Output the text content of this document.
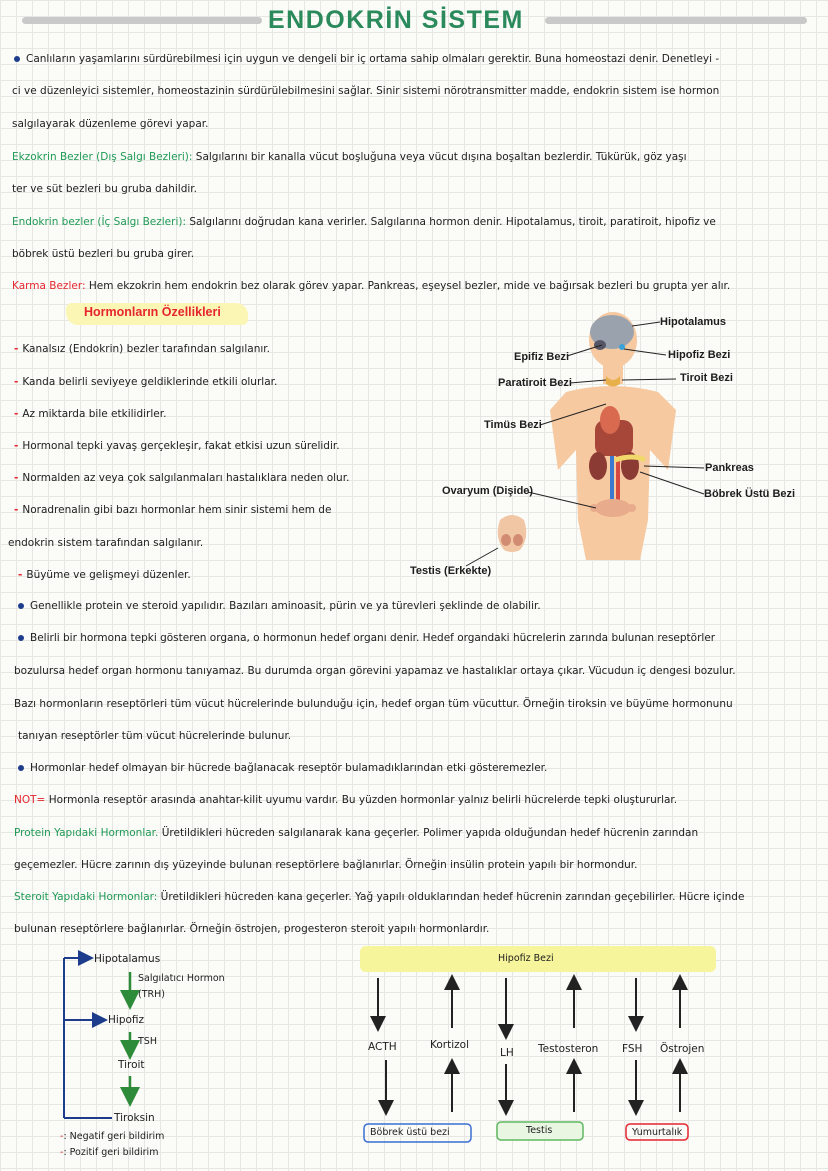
ENDOKRİN SİSTEM
Canlıların yaşamlarını sürdürebilmesi için uygun ve dengeli bir iç ortama sahip olmaları gerektir. Buna homeostazi denir. Denetleyi -
ci ve düzenleyici sistemler, homeostazinin sürdürülebilmesini sağlar. Sinir sistemi nörotransmitter madde, endokrin sistem ise hormon
salgılayarak düzenleme görevi yapar.
Ekzokrin Bezler (Dış Salgı Bezleri): Salgılarını bir kanalla vücut boşluğuna veya vücut dışına boşaltan bezlerdir. Tükürük, göz yaşı
ter ve süt bezleri bu gruba dahildir.
Endokrin bezler (İç Salgı Bezleri): Salgılarını doğrudan kana verirler. Salgılarına hormon denir. Hipotalamus, tiroit, paratiroit, hipofiz ve
böbrek üstü bezleri bu gruba girer.
Karma Bezler: Hem ekzokrin hem endokrin bez olarak görev yapar. Pankreas, eşeysel bezler, mide ve bağırsak bezleri bu grupta yer alır.
Hormonların Özellikleri
- Kanalsız (Endokrin) bezler tarafından salgılanır.
- Kanda belirli seviyeye geldiklerinde etkili olurlar.
- Az miktarda bile etkilidirler.
- Hormonal tepki yavaş gerçekleşir, fakat etkisi uzun sürelidir.
- Normalden az veya çok salgılanmaları hastalıklara neden olur.
- Noradrenalin gibi bazı hormonlar hem sinir sistemi hem de
endokrin sistem tarafından salgılanır.
- Büyüme ve gelişmeyi düzenler.
Hipotalamus
Epifiz Bezi	Hipofiz Bezi
Paratiroit Bezi	Tiroit Bezi
Timüs Bezi
Pankreas
Ovaryum (Dişide)	Böbrek Üstü Bezi
Testis (Erkekte)
Genellikle protein ve steroid yapılıdır. Bazıları aminoasit, pürin ve ya türevleri şeklinde de olabilir.
Belirli bir hormona tepki gösteren organa, o hormonun hedef organı denir. Hedef organdaki hücrelerin zarında bulunan reseptörler
bozulursa hedef organ hormonu tanıyamaz. Bu durumda organ görevini yapamaz ve hastalıklar ortaya çıkar. Vücudun iç dengesi bozulur.
Bazı hormonların reseptörleri tüm vücut hücrelerinde bulunduğu için, hedef organ tüm vücuttur. Örneğin tiroksin ve büyüme hormonunu
tanıyan reseptörler tüm vücut hücrelerinde bulunur.
Hormonlar hedef olmayan bir hücrede bağlanacak reseptör bulamadıklarından etki gösteremezler.
NOT= Hormonla reseptör arasında anahtar-kilit uyumu vardır. Bu yüzden hormonlar yalnız belirli hücrelerde tepki oluştururlar.
Protein Yapıdaki Hormonlar. Üretildikleri hücreden salgılanarak kana geçerler. Polimer yapıda olduğundan hedef hücrenin zarından
geçemezler. Hücre zarının dış yüzeyinde bulunan reseptörlere bağlanırlar. Örneğin insülin protein yapılı bir hormondur.
Steroit Yapıdaki Hormonlar: Üretildikleri hücreden kana geçerler. Yağ yapılı olduklarından hedef hücrenin zarından geçebilirler. Hücre içinde
bulunan reseptörlere bağlanırlar. Örneğin östrojen, progesteron steroit yapılı hormonlardır.
Hipotalamus
Salgılatıcı Hormon
(TRH)
Hipofiz
TSH
Tiroit
Tiroksin
-: Negatif geri bildirim
-: Pozitif geri bildirim
Hipofiz Bezi
ACTH	Kortizol
LH Testosteron FSH Östrojen
Böbrek üstü bezi	Testis	Yumurtalık
